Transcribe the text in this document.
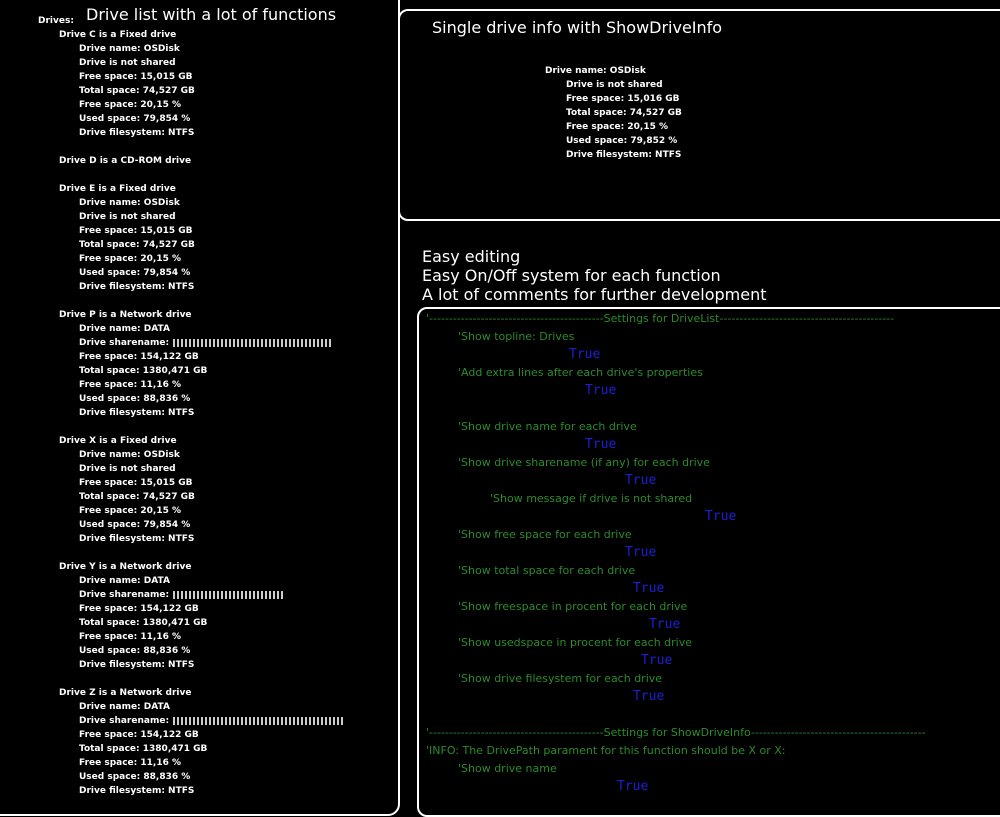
Drive list with a lot of functions
Drives:
Drive C is a Fixed drive
Drive name: OSDisk
Drive is not shared
Free space: 15,015 GB
Total space: 74,527 GB
Free space: 20,15 %
Used space: 79,854 %
Drive filesystem: NTFS
Drive D is a CD-ROM drive
Drive E is a Fixed drive
Drive name: OSDisk
Drive is not shared
Free space: 15,015 GB
Total space: 74,527 GB
Free space: 20,15 %
Used space: 79,854 %
Drive filesystem: NTFS
Drive P is a Network drive
Drive name: DATA
Drive sharename:
Free space: 154,122 GB
Total space: 1380,471 GB
Free space: 11,16 %
Used space: 88,836 %
Drive filesystem: NTFS
Drive X is a Fixed drive
Drive name: OSDisk
Drive is not shared
Free space: 15,015 GB
Total space: 74,527 GB
Free space: 20,15 %
Used space: 79,854 %
Drive filesystem: NTFS
Drive Y is a Network drive
Drive name: DATA
Drive sharename:
Free space: 154,122 GB
Total space: 1380,471 GB
Free space: 11,16 %
Used space: 88,836 %
Drive filesystem: NTFS
Drive Z is a Network drive
Drive name: DATA
Drive sharename:
Free space: 154,122 GB
Total space: 1380,471 GB
Free space: 11,16 %
Used space: 88,836 %
Drive filesystem: NTFS
Single drive info with ShowDriveInfo
Drive name: OSDisk
Drive is not shared
Free space: 15,016 GB
Total space: 74,527 GB
Free space: 20,15 %
Used space: 79,852 %
Drive filesystem: NTFS
Easy editing
Easy On/Off system for each function
A lot of comments for further development
'--------------------------------------------Settings for DriveList--------------------------------------------
'Show topline: Drives
True
'Add extra lines after each drive's properties
True
'Show drive name for each drive
True
'Show drive sharename (if any) for each drive
True
'Show message if drive is not shared
True
'Show free space for each drive
True
'Show total space for each drive
True
'Show freespace in procent for each drive
True
'Show usedspace in procent for each drive
True
'Show drive filesystem for each drive
True
'--------------------------------------------Settings for ShowDriveInfo--------------------------------------------
'INFO: The DrivePath parament for this function should be X or X:
'Show drive name
True
